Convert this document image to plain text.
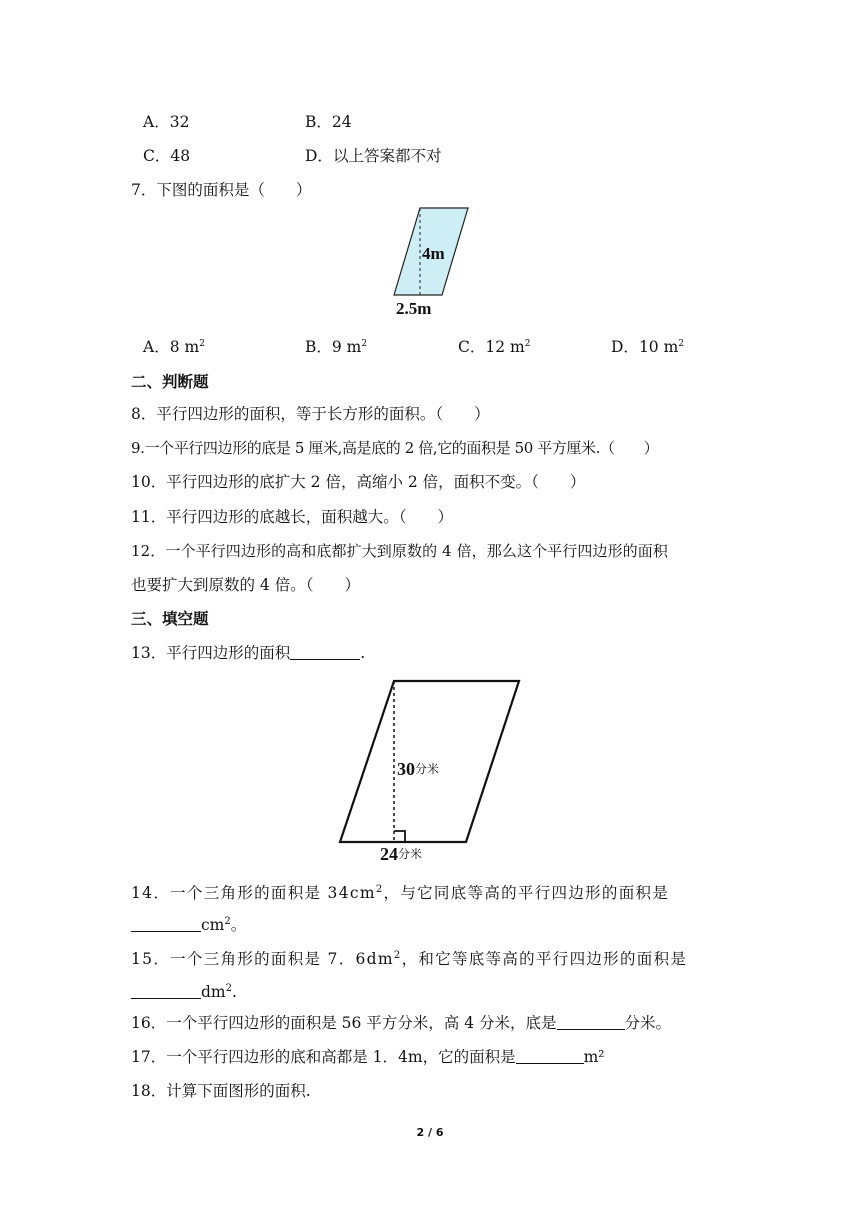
A．32	B．24
C．48	D．以上答案都不对
7．下图的面积是（　　）
4m
2.5m
A．8 $m^2$	B．9 $m^2$	C．12 $m^2$	D．10 $m^2$
二、判断题
8．平行四边形的面积，等于长方形的面积。（　　）
9.一个平行四边形的底是 5 厘米,高是底的 2 倍,它的面积是 50 平方厘米.（　　）
10．平行四边形的底扩大 2 倍，高缩小 2 倍，面积不变。（　　）
11．平行四边形的底越长，面积越大。（　　）
12．一个平行四边形的高和底都扩大到原数的 4 倍，那么这个平行四边形的面积
也要扩大到原数的 4 倍。（　　）
三、填空题
13．平行四边形的面积	.
30分米
24分米
14．一个三角形的面积是 $34cm^2$，与它同底等高的平行四边形的面积是
$cm^2$。
15．一个三角形的面积是 7．$6dm^2$，和它等底等高的平行四边形的面积是
$dm^2$.
16．一个平行四边形的面积是 56 平方分米，高 4 分米，底是	分米。
17．一个平行四边形的底和高都是 1．4m，它的面积是	m²
18．计算下面图形的面积.
2 / 6
